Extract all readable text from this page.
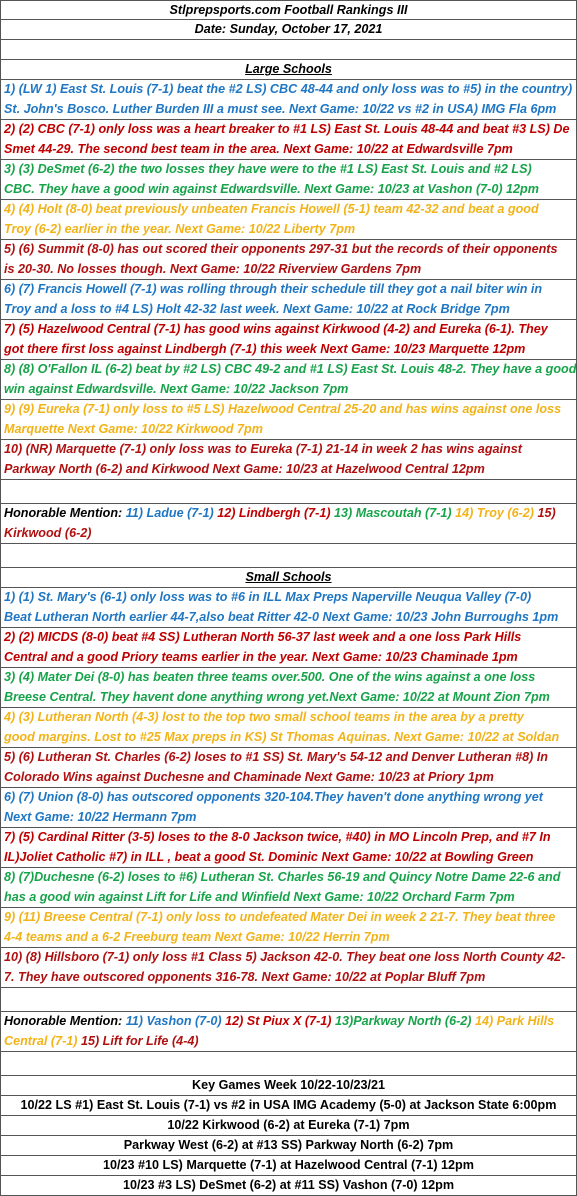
Stlprepsports.com Football Rankings III
Date: Sunday, October 17, 2021
Large Schools
1) (LW 1) East St. Louis (7-1) beat the #2 LS) CBC 48-44 and only loss was to #5) in the country)
St. John's Bosco. Luther Burden III a must see. Next Game: 10/22 vs #2 in USA) IMG Fla 6pm
2) (2) CBC (7-1) only loss was a heart breaker to #1 LS) East St. Louis 48-44 and beat #3 LS) De
Smet 44-29. The second best team in the area. Next Game: 10/22 at Edwardsville 7pm
3) (3) DeSmet (6-2) the two losses they have were to the #1 LS) East St. Louis and #2 LS)
CBC. They have a good win against Edwardsville. Next Game: 10/23 at Vashon (7-0) 12pm
4) (4) Holt (8-0) beat previously unbeaten Francis Howell (5-1) team 42-32 and beat a good
Troy (6-2) earlier in the year. Next Game: 10/22 Liberty 7pm
5) (6) Summit (8-0) has out scored their opponents 297-31 but the records of their opponents
is 20-30. No losses though. Next Game: 10/22 Riverview Gardens 7pm
6) (7) Francis Howell (7-1) was rolling through their schedule till they got a nail biter win in
Troy and a loss to #4 LS) Holt 42-32 last week. Next Game: 10/22 at Rock Bridge 7pm
7) (5) Hazelwood Central (7-1) has good wins against Kirkwood (4-2) and Eureka (6-1). They
got there first loss against Lindbergh (7-1) this week Next Game: 10/23 Marquette 12pm
8) (8) O'Fallon IL (6-2) beat by #2 LS) CBC 49-2 and #1 LS) East St. Louis 48-2. They have a good
win against Edwardsville. Next Game: 10/22 Jackson 7pm
9) (9) Eureka (7-1) only loss to #5 LS) Hazelwood Central 25-20 and has wins against one loss
Marquette Next Game: 10/22 Kirkwood 7pm
10) (NR) Marquette (7-1) only loss was to Eureka (7-1) 21-14 in week 2 has wins against
Parkway North (6-2) and Kirkwood Next Game: 10/23 at Hazelwood Central 12pm
Honorable Mention: 11) Ladue (7-1) 12) Lindbergh (7-1) 13) Mascoutah (7-1) 14) Troy (6-2) 15) Kirkwood (6-2)
Small Schools
1) (1) St. Mary's (6-1) only loss was to #6 in ILL Max Preps Naperville Neuqua Valley (7-0)
Beat Lutheran North earlier 44-7,also beat Ritter 42-0 Next Game: 10/23 John Burroughs 1pm
2) (2) MICDS (8-0) beat #4 SS) Lutheran North 56-37 last week and a one loss Park Hills
Central and a good Priory teams earlier in the year. Next Game: 10/23 Chaminade 1pm
3) (4) Mater Dei (8-0) has beaten three teams over.500. One of the wins against a one loss
Breese Central. They havent done anything wrong yet.Next Game: 10/22 at Mount Zion 7pm
4) (3) Lutheran North (4-3) lost to the top two small school teams in the area by a pretty
good margins. Lost to #25 Max preps in KS) St Thomas Aquinas. Next Game: 10/22 at Soldan
5) (6) Lutheran St. Charles (6-2) loses to #1 SS) St. Mary's 54-12 and Denver Lutheran #8) In
Colorado Wins against Duchesne and Chaminade Next Game: 10/23 at Priory 1pm
6) (7) Union (8-0) has outscored opponents 320-104.They haven't done anything wrong yet
Next Game: 10/22 Hermann 7pm
7) (5) Cardinal Ritter (3-5) loses to the 8-0 Jackson twice, #40) in MO Lincoln Prep, and #7 In
IL)Joliet Catholic #7) in ILL , beat a good St. Dominic Next Game: 10/22 at Bowling Green
8) (7)Duchesne (6-2) loses to #6) Lutheran St. Charles 56-19 and Quincy Notre Dame 22-6 and
has a good win against Lift for Life and Winfield Next Game: 10/22 Orchard Farm 7pm
9) (11) Breese Central (7-1) only loss to undefeated Mater Dei in week 2 21-7. They beat three
4-4 teams and a 6-2 Freeburg team Next Game: 10/22 Herrin 7pm
10) (8) Hillsboro (7-1) only loss #1 Class 5) Jackson 42-0. They beat one loss North County 42-
7. They have outscored opponents 316-78. Next Game: 10/22 at Poplar Bluff 7pm
Honorable Mention: 11) Vashon (7-0) 12) St Piux X (7-1) 13)Parkway North (6-2) 14) Park Hills Central (7-1) 15) Lift for Life (4-4)
Key Games Week 10/22-10/23/21
10/22 LS #1) East St. Louis (7-1) vs #2 in USA IMG Academy (5-0) at Jackson State 6:00pm
10/22 Kirkwood (6-2) at Eureka (7-1) 7pm
Parkway West (6-2) at #13 SS) Parkway North (6-2) 7pm
10/23 #10 LS) Marquette (7-1) at Hazelwood Central (7-1) 12pm
10/23 #3 LS) DeSmet (6-2) at #11 SS) Vashon (7-0) 12pm
